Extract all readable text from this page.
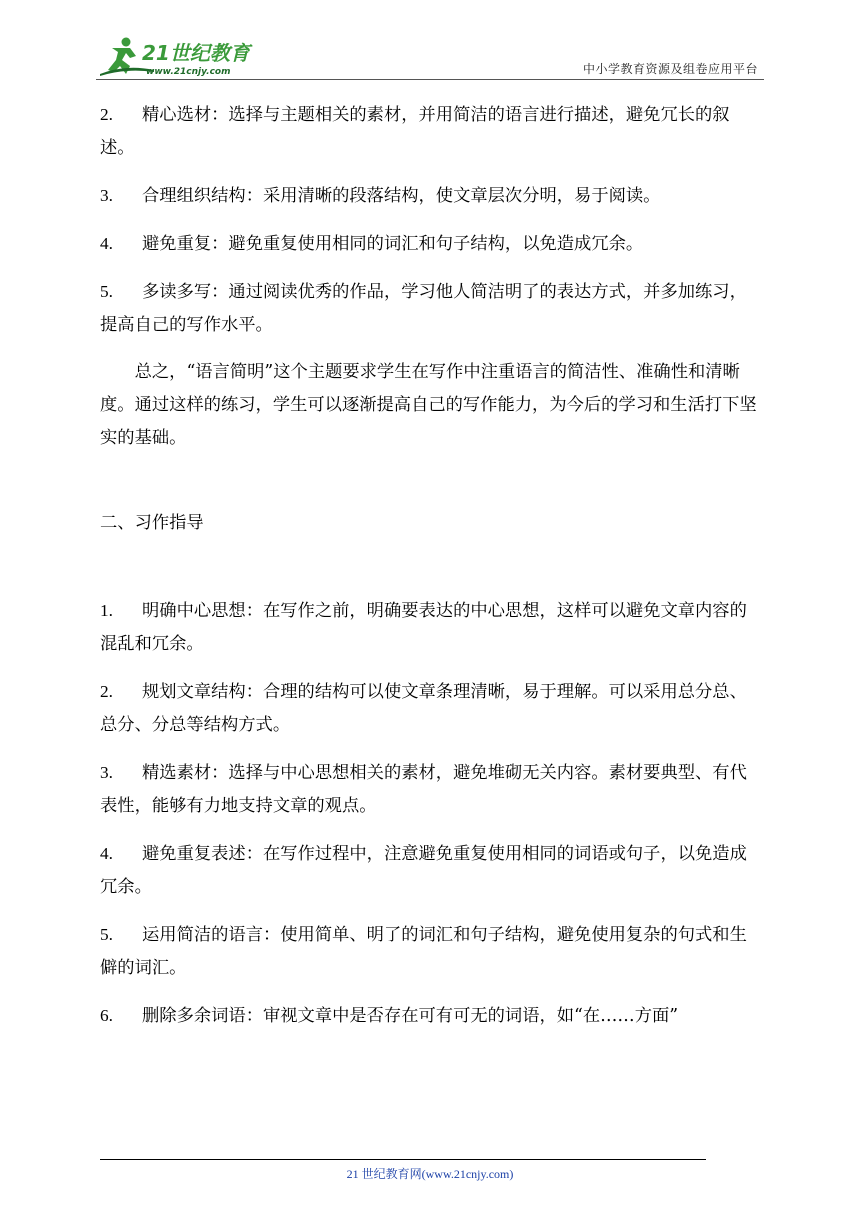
21世纪教育
www.21cnjy.com	中小学教育资源及组卷应用平台
2. 精心选材：选择与主题相关的素材，并用简洁的语言进行描述，避免冗长的叙述。
3. 合理组织结构：采用清晰的段落结构，使文章层次分明，易于阅读。
4. 避免重复：避免重复使用相同的词汇和句子结构，以免造成冗余。
5. 多读多写：通过阅读优秀的作品，学习他人简洁明了的表达方式，并多加练习，提高自己的写作水平。

总之，“语言简明”这个主题要求学生在写作中注重语言的简洁性、准确性和清晰度。通过这样的练习，学生可以逐渐提高自己的写作能力，为今后的学习和生活打下坚实的基础。

二、习作指导
1. 明确中心思想：在写作之前，明确要表达的中心思想，这样可以避免文章内容的混乱和冗余。
2. 规划文章结构：合理的结构可以使文章条理清晰，易于理解。可以采用总分总、总分、分总等结构方式。
3. 精选素材：选择与中心思想相关的素材，避免堆砌无关内容。素材要典型、有代表性，能够有力地支持文章的观点。
4. 避免重复表述：在写作过程中，注意避免重复使用相同的词语或句子，以免造成冗余。
5. 运用简洁的语言：使用简单、明了的词汇和句子结构，避免使用复杂的句式和生僻的词汇。
6. 删除多余词语：审视文章中是否存在可有可无的词语，如“在……方面”
21 世纪教育网(www.21cnjy.com)
